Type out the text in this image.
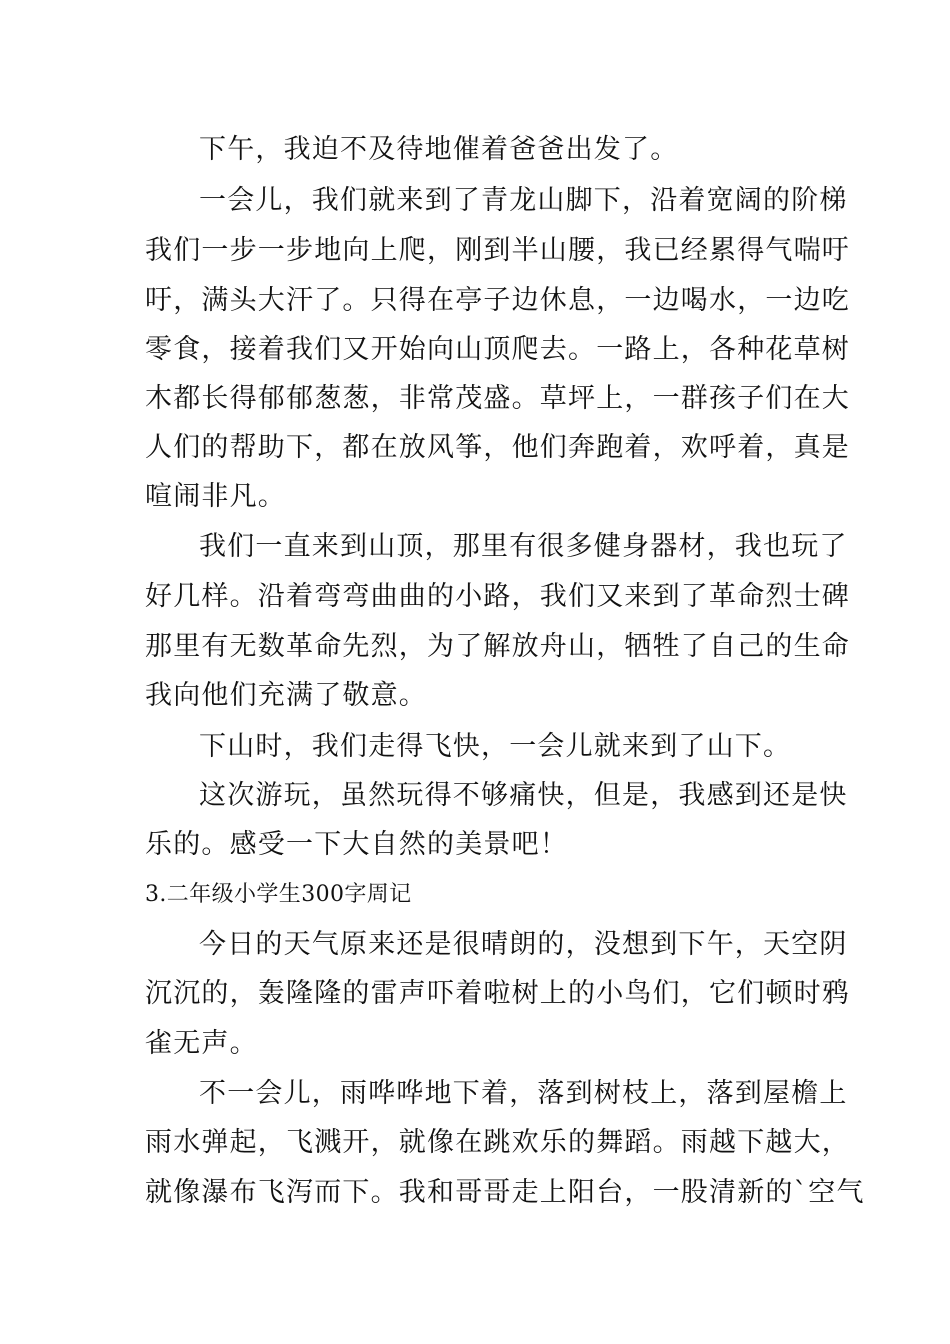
下午，我迫不及待地催着爸爸出发了。
一会儿，我们就来到了青龙山脚下，沿着宽阔的阶梯
我们一步一步地向上爬，刚到半山腰，我已经累得气喘吁
吁，满头大汗了。只得在亭子边休息，一边喝水，一边吃
零食，接着我们又开始向山顶爬去。一路上，各种花草树
木都长得郁郁葱葱，非常茂盛。草坪上，一群孩子们在大
人们的帮助下，都在放风筝，他们奔跑着，欢呼着，真是
喧闹非凡。
我们一直来到山顶，那里有很多健身器材，我也玩了
好几样。沿着弯弯曲曲的小路，我们又来到了革命烈士碑
那里有无数革命先烈，为了解放舟山，牺牲了自己的生命
我向他们充满了敬意。
下山时，我们走得飞快，一会儿就来到了山下。
这次游玩，虽然玩得不够痛快，但是，我感到还是快
乐的。感受一下大自然的美景吧！
3.二年级小学生300字周记
今日的天气原来还是很晴朗的，没想到下午，天空阴
沉沉的，轰隆隆的雷声吓着啦树上的小鸟们，它们顿时鸦
雀无声。
不一会儿，雨哗哗地下着，落到树枝上，落到屋檐上
雨水弹起，飞溅开，就像在跳欢乐的舞蹈。雨越下越大，
就像瀑布飞泻而下。我和哥哥走上阳台，一股清新的`空气
